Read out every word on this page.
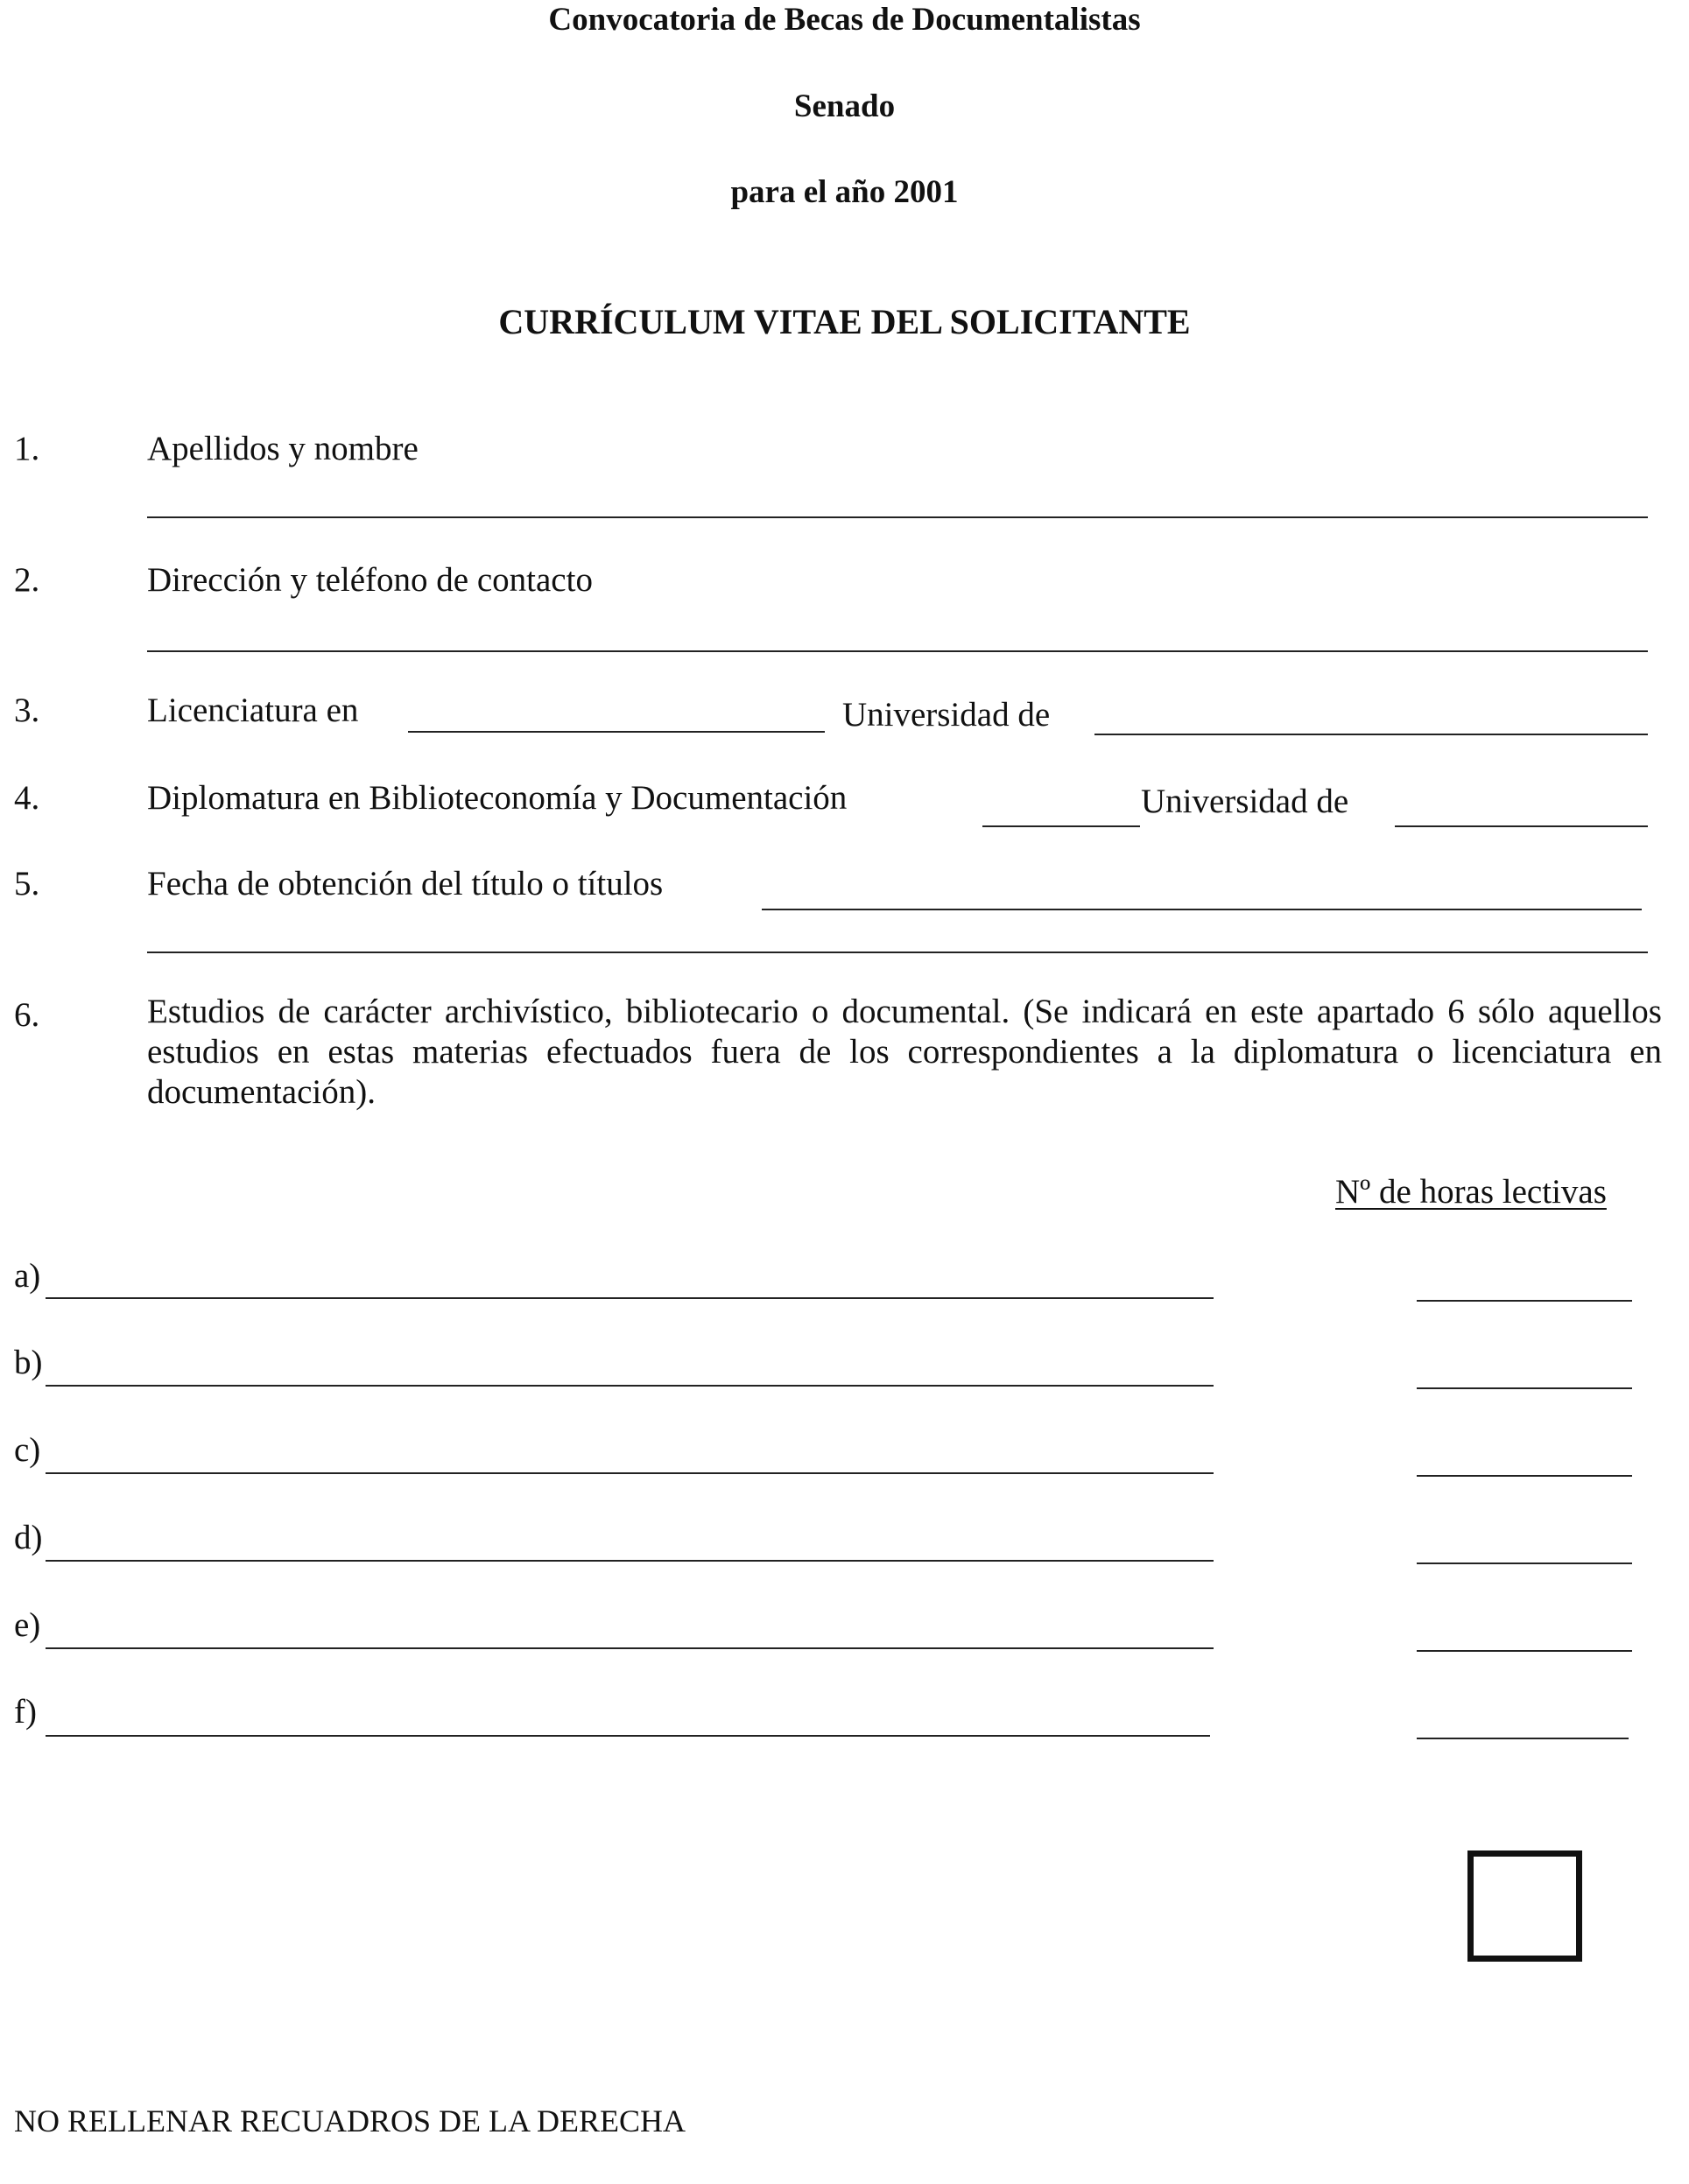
Convocatoria de Becas de Documentalistas
Senado
para el año 2001
CURRÍCULUM VITAE DEL SOLICITANTE
1.	Apellidos y nombre
2.	Dirección y teléfono de contacto
3.	Licenciatura en	Universidad de
4.	Diplomatura en Biblioteconomía y Documentación	Universidad de
5.	Fecha de obtención del título o títulos
6.	Estudios de carácter archivístico, bibliotecario o documental. (Se indicará en este apartado 6 sólo aquellos estudios en estas materias efectuados fuera de los correspondientes a la diplomatura o licenciatura en documentación).
Nº de horas lectivas
a)
b)
c)
d)
e)
f)
NO RELLENAR RECUADROS DE LA DERECHA
